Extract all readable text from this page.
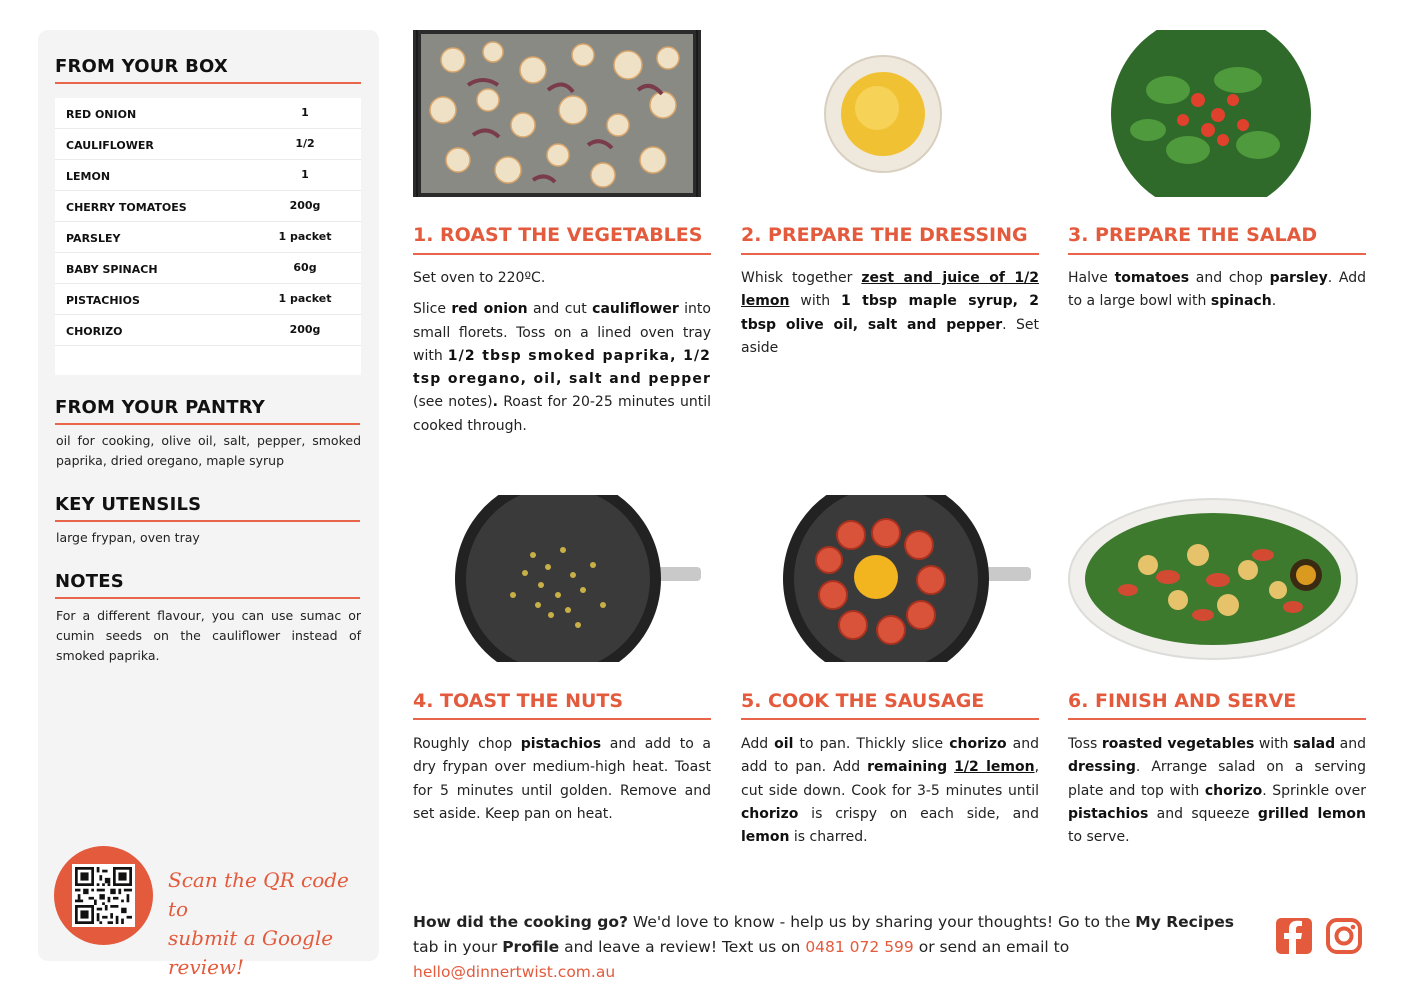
FROM YOUR BOX
RED ONION	1
CAULIFLOWER	1/2
LEMON	1
CHERRY TOMATOES	200g
PARSLEY	1 packet
BABY SPINACH	60g
PISTACHIOS	1 packet
CHORIZO	200g
FROM YOUR PANTRY
oil for cooking, olive oil, salt, pepper, smoked paprika, dried oregano, maple syrup
KEY UTENSILS
large frypan, oven tray
NOTES
For a different flavour, you can use sumac or cumin seeds on the cauliflower instead of smoked paprika.
Scan the QR code to
submit a Google review!
1. ROAST THE VEGETABLES

Set oven to 220ºC.

Slice red onion and cut cauliflower into small florets. Toss on a lined oven tray with 1/2 tbsp smoked paprika, 1/2 tsp oregano, oil, salt and pepper (see notes). Roast for 20-25 minutes until cooked through.

2. PREPARE THE DRESSING

Whisk together zest and juice of 1/2 lemon with 1 tbsp maple syrup, 2 tbsp olive oil, salt and pepper. Set aside

3. PREPARE THE SALAD

Halve tomatoes and chop parsley. Add to a large bowl with spinach.

4. TOAST THE NUTS

Roughly chop pistachios and add to a dry frypan over medium-high heat. Toast for 5 minutes until golden. Remove and set aside. Keep pan on heat.

5. COOK THE SAUSAGE

Add oil to pan. Thickly slice chorizo and add to pan. Add remaining 1/2 lemon, cut side down. Cook for 3-5 minutes until chorizo is crispy on each side, and lemon is charred.

6. FINISH AND SERVE

Toss roasted vegetables with salad and dressing. Arrange salad on a serving plate and top with chorizo. Sprinkle over pistachios and squeeze grilled lemon to serve.

How did the cooking go? We'd love to know - help us by sharing your thoughts! Go to the My Recipes tab in your Profile and leave a review! Text us on 0481 072 599 or send an email to hello@dinnertwist.com.au
